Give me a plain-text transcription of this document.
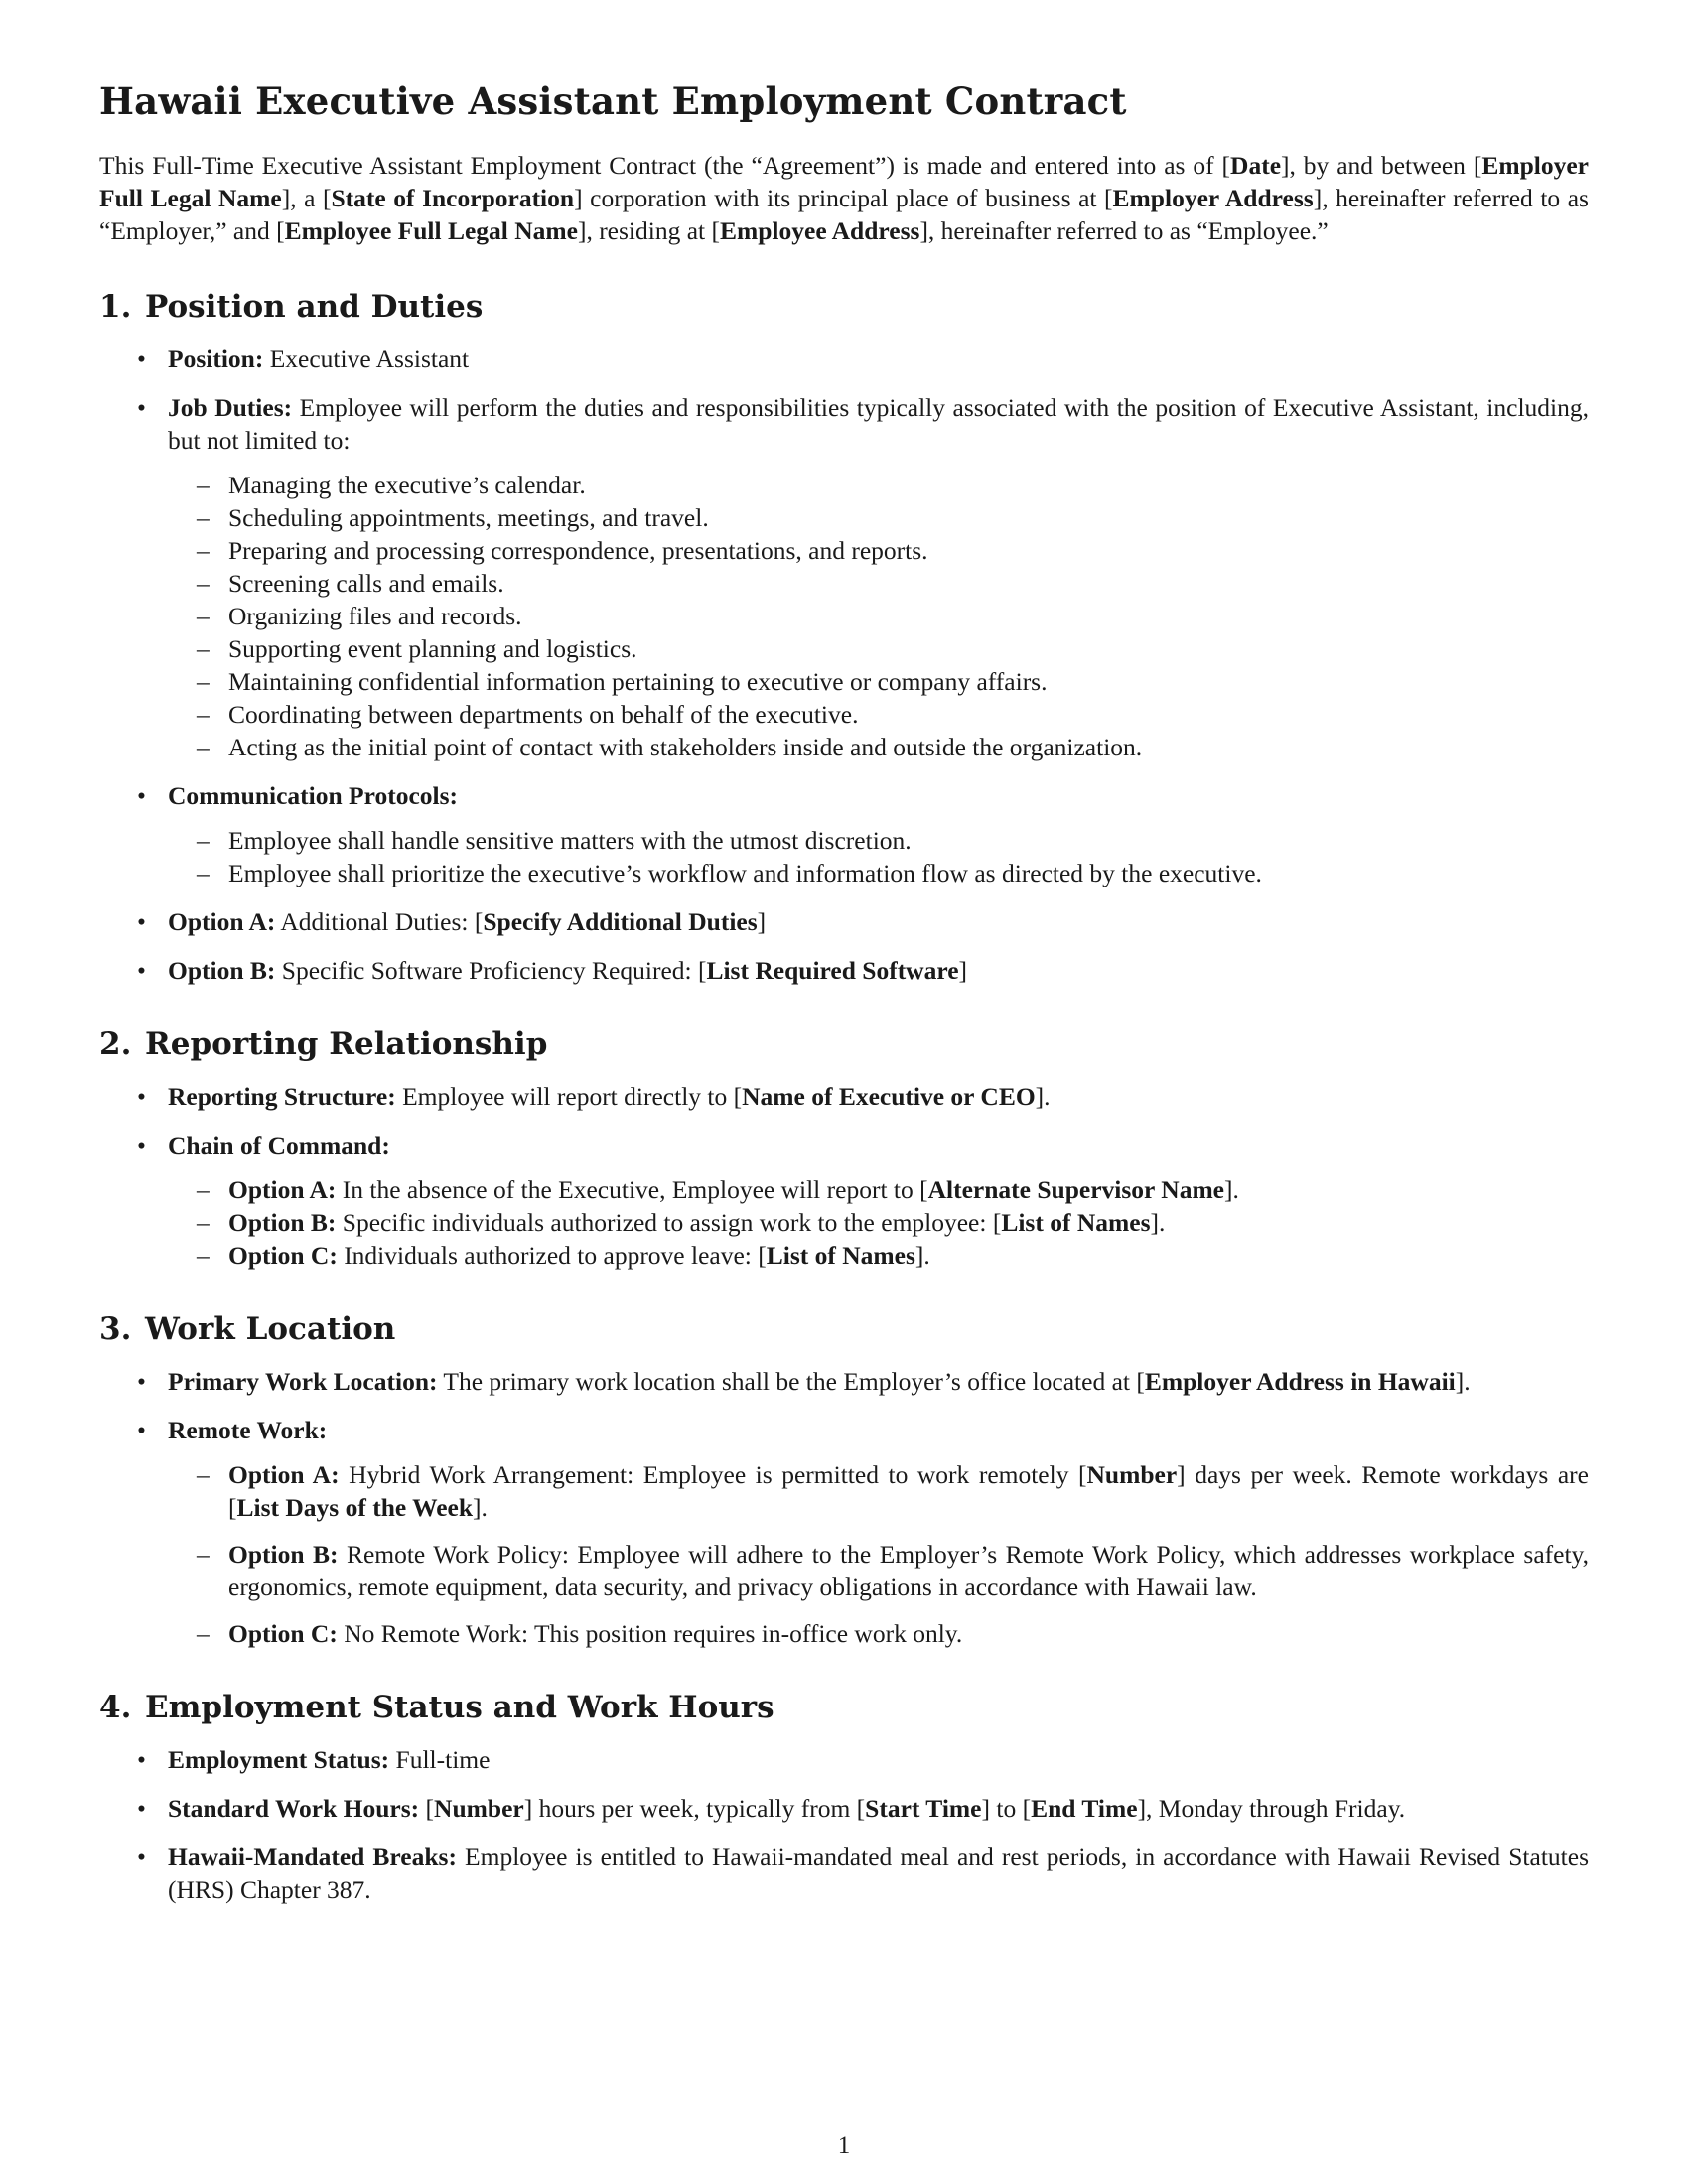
Hawaii Executive Assistant Employment Contract

This Full-Time Executive Assistant Employment Contract (the “Agreement”) is made and entered into as of [Date], by and between [Employer Full Legal Name], a [State of Incorporation] corporation with its principal place of business at [Employer Address], hereinafter referred to as “Employer,” and [Employee Full Legal Name], residing at [Employee Address], hereinafter referred to as “Employee.”

1. Position and Duties
• Position: Executive Assistant
• Job Duties: Employee will perform the duties and responsibilities typically associated with the position of Executive Assistant, including, but not limited to:
– Managing the executive’s calendar.
– Scheduling appointments, meetings, and travel.
– Preparing and processing correspondence, presentations, and reports.
– Screening calls and emails.
– Organizing files and records.
– Supporting event planning and logistics.
– Maintaining confidential information pertaining to executive or company affairs.
– Coordinating between departments on behalf of the executive.
– Acting as the initial point of contact with stakeholders inside and outside the organization.
• Communication Protocols:
– Employee shall handle sensitive matters with the utmost discretion.
– Employee shall prioritize the executive’s workflow and information flow as directed by the executive.
• Option A: Additional Duties: [Specify Additional Duties]
• Option B: Specific Software Proficiency Required: [List Required Software]
2. Reporting Relationship
• Reporting Structure: Employee will report directly to [Name of Executive or CEO].
• Chain of Command:
– Option A: In the absence of the Executive, Employee will report to [Alternate Supervisor Name].
– Option B: Specific individuals authorized to assign work to the employee: [List of Names].
– Option C: Individuals authorized to approve leave: [List of Names].
3. Work Location
• Primary Work Location: The primary work location shall be the Employer’s office located at [Employer Address in Hawaii].
• Remote Work:
– Option A: Hybrid Work Arrangement: Employee is permitted to work remotely [Number] days per week. Remote workdays are [List Days of the Week].
– Option B: Remote Work Policy: Employee will adhere to the Employer’s Remote Work Policy, which addresses workplace safety, ergonomics, remote equipment, data security, and privacy obligations in accordance with Hawaii law.
– Option C: No Remote Work: This position requires in-office work only.
4. Employment Status and Work Hours
• Employment Status: Full-time
• Standard Work Hours: [Number] hours per week, typically from [Start Time] to [End Time], Monday through Friday.
• Hawaii-Mandated Breaks: Employee is entitled to Hawaii-mandated meal and rest periods, in accordance with Hawaii Revised Statutes (HRS) Chapter 387.
1
